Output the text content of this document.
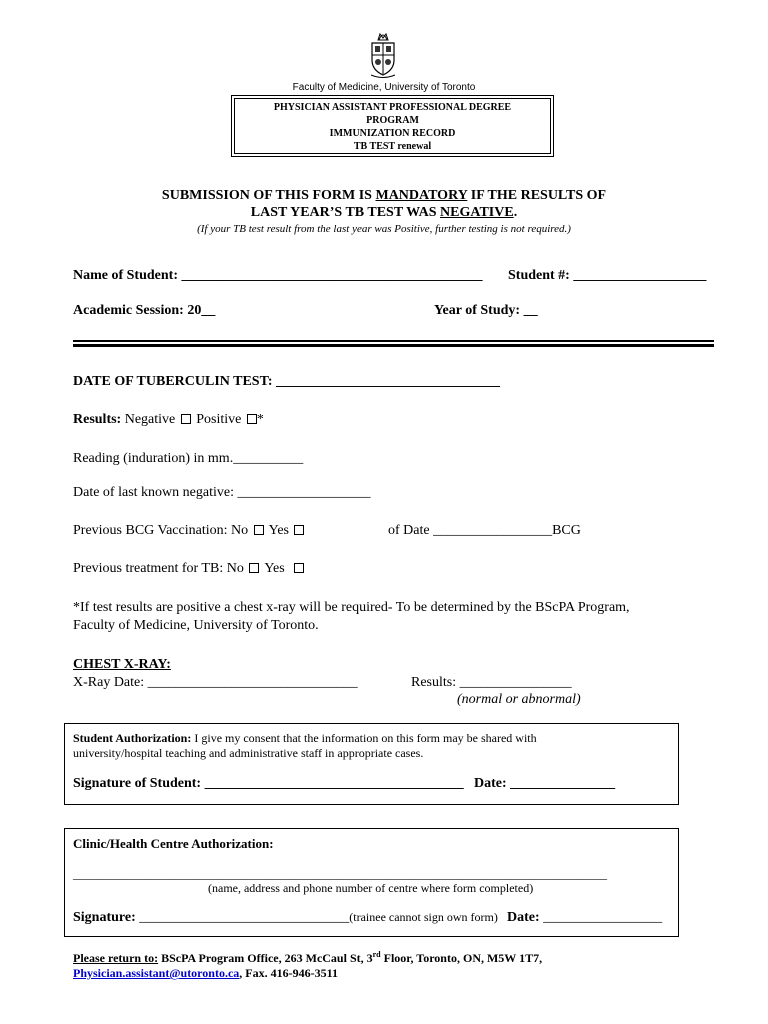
Faculty of Medicine, University of Toronto
PHYSICIAN ASSISTANT PROFESSIONAL DEGREE
PROGRAM
IMMUNIZATION RECORD
TB TEST renewal
SUBMISSION OF THIS FORM IS MANDATORY IF THE RESULTS OF
LAST YEAR’S TB TEST WAS NEGATIVE.
(If your TB test result from the last year was Positive, further testing is not required.)
Name of Student: ___________________________________________ Student #: ___________________
Academic Session: 20__	Year of Study: __
DATE OF TUBERCULIN TEST: ________________________________
Results: Negative Positive *
Reading (induration) in mm.__________
Date of last known negative: ___________________
Previous BCG Vaccination: No Yes	of Date _________________BCG
Previous treatment for TB: No Yes
*If test results are positive a chest x-ray will be required- To be determined by the BScPA Program,
Faculty of Medicine, University of Toronto.
CHEST X-RAY:
X-Ray Date: ______________________________	Results: ________________
(normal or abnormal)
Student Authorization: I give my consent that the information on this form may be shared with
university/hospital teaching and administrative staff in appropriate cases.
Signature of Student: _____________________________________ Date: _______________
Clinic/Health Centre Authorization:
_________________________________________________________________________________________
(name, address and phone number of centre where form completed)
Signature: ______________________________(trainee cannot sign own form) Date: _________________
Please return to: BScPA Program Office, 263 McCaul St, 3rd Floor, Toronto, ON, M5W 1T7,
Physician.assistant@utoronto.ca, Fax. 416-946-3511
